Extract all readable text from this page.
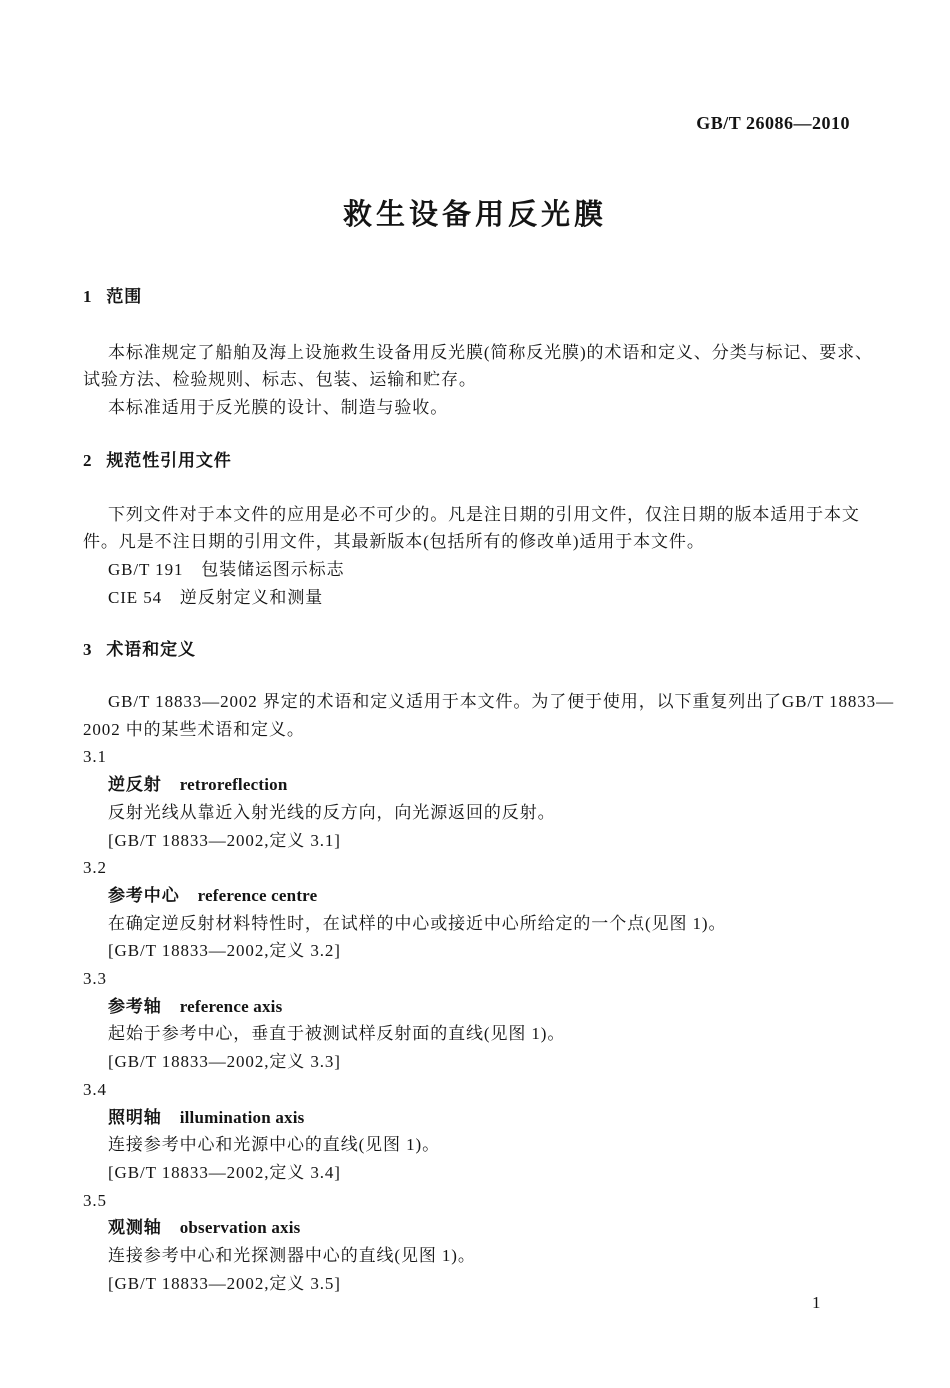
GB/T 26086—2010
救生设备用反光膜
1 范围
本标准规定了船舶及海上设施救生设备用反光膜(简称反光膜)的术语和定义、分类与标记、要求、
试验方法、检验规则、标志、包装、运输和贮存。
本标准适用于反光膜的设计、制造与验收。
2 规范性引用文件
下列文件对于本文件的应用是必不可少的。凡是注日期的引用文件，仅注日期的版本适用于本文
件。凡是不注日期的引用文件，其最新版本(包括所有的修改单)适用于本文件。
GB/T 191　包装储运图示标志
CIE 54　逆反射定义和测量
3 术语和定义
GB/T 18833—2002 界定的术语和定义适用于本文件。为了便于使用，以下重复列出了GB/T 18833—
2002 中的某些术语和定义。
3.1
逆反射 retroreflection
反射光线从靠近入射光线的反方向，向光源返回的反射。
[GB/T 18833—2002,定义 3.1]
3.2
参考中心 reference centre
在确定逆反射材料特性时，在试样的中心或接近中心所给定的一个点(见图 1)。
[GB/T 18833—2002,定义 3.2]
3.3
参考轴 reference axis
起始于参考中心，垂直于被测试样反射面的直线(见图 1)。
[GB/T 18833—2002,定义 3.3]
3.4
照明轴 illumination axis
连接参考中心和光源中心的直线(见图 1)。
[GB/T 18833—2002,定义 3.4]
3.5
观测轴 observation axis
连接参考中心和光探测器中心的直线(见图 1)。
[GB/T 18833—2002,定义 3.5]
1
